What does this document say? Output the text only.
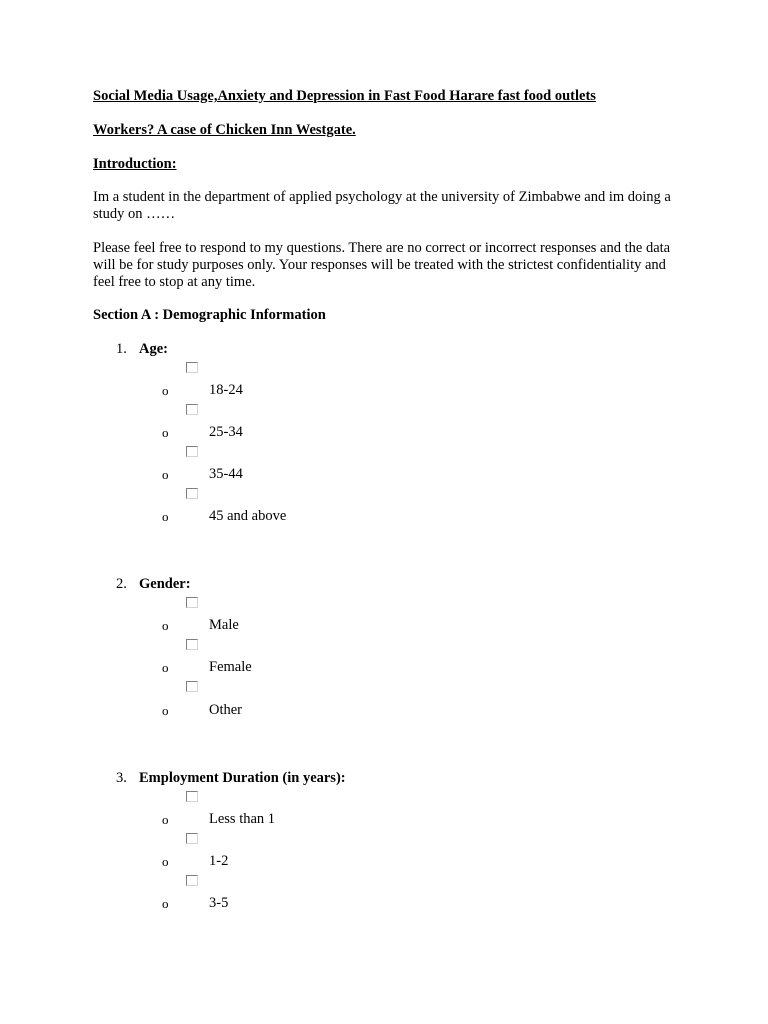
Social Media Usage,Anxiety and Depression in Fast Food Harare fast food outlets
Workers? A case of Chicken Inn Westgate.
Introduction:
Im a student in the department of applied psychology at the university of Zimbabwe and im doing a study on ……
Please feel free to respond to my questions. There are no correct or incorrect responses and the data will be for study purposes only. Your responses will be treated with the strictest confidentiality and feel free to stop at any time.
Section A : Demographic Information
1. Age:
o	18-24
o	25-34
o	35-44
o	45 and above
2. Gender:
o	Male
o	Female
o	Other
3. Employment Duration (in years):
o	Less than 1
o	1-2
o	3-5
